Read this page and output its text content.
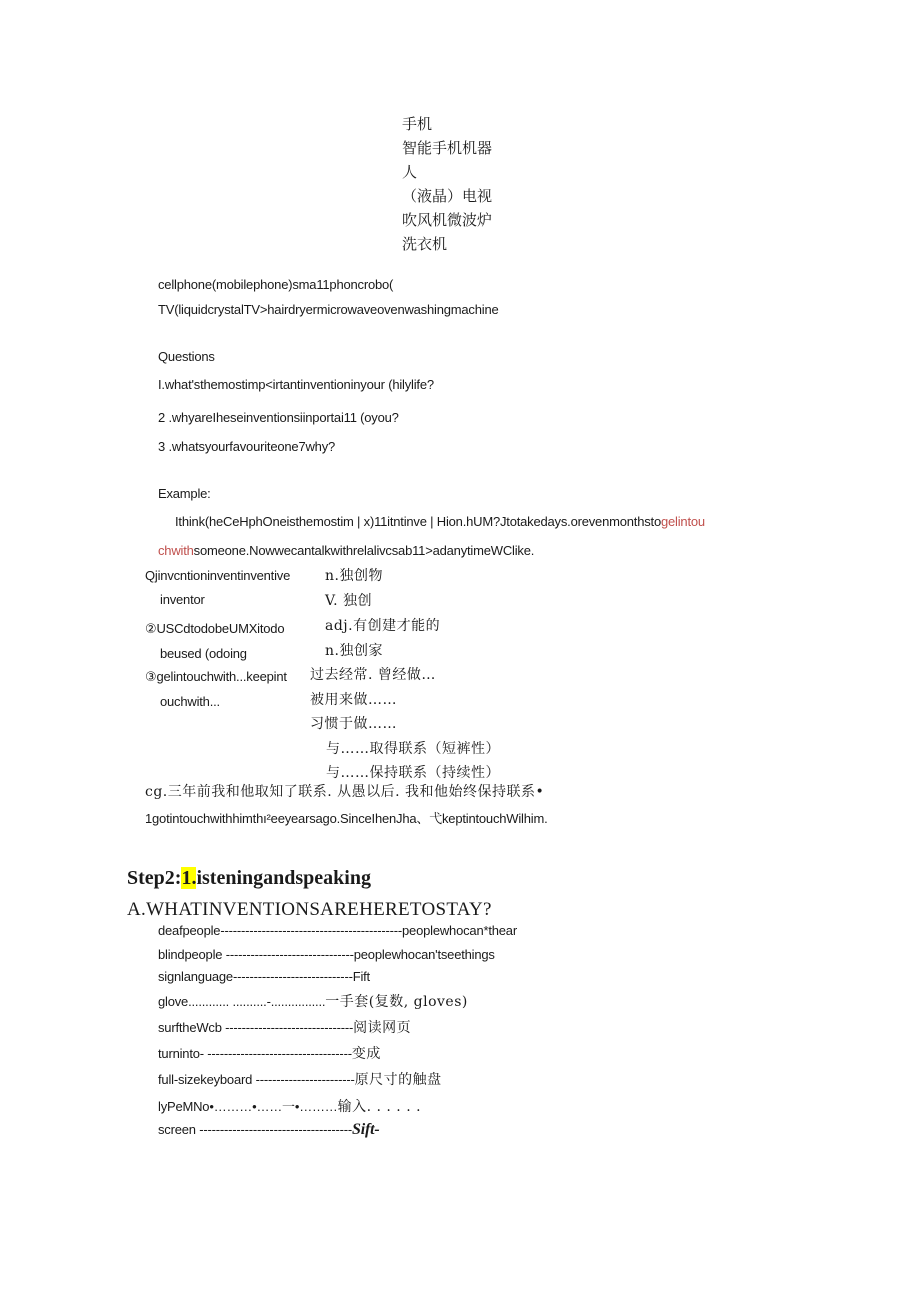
手机
智能手机机器
人
（液晶）电视
吹风机微波炉
洗衣机
cellphone(mobilephone)sma11phoncrobo(
TV(liquidcrystalTV>hairdryermicrowaveovenwashingmachine
Questions
I.what'sthemostimp<irtantinventioninyour (hilylife?
2 .whyareIheseinventionsiinportai11 (oyou?
3 .whatsyourfavouriteone7why?
Example:
Ithink(heCeHphOneisthemostim | x)11itntinve | Hion.hUM?Jtotakedays.orevenmonthstogelintou
chwithsomeone.Nowwecantalkwithrelalivcsab11>adanytimeWClike.
Qjinvcntioninventinventive
inventor
②USCdtodobeUMXitodo
beused (odoing
③gelintouchwith...keepint
ouchwith...
n.独创物
V. 独创
adj.有创建才能的
n.独创家
过去经常. 曾经做…
被用来做……
习惯于做……
与……取得联系（短裤性）
与……保持联系（持续性）
cg.三年前我和他取知了联系. 从愚以后. 我和他始终保持联系•
1gotintouchwithhimthı²eeyearsago.SinceIhenJha、弋keptintouchWilhim.
Step2:1.isteningandspeaking
A.WHATINVENTIONSAREHERETOSTAY?
deafpeople--------------------------------------------peoplewhocan*thear
blindpeople -------------------------------peoplewhocan'tseethings
signlanguage-----------------------------Fift
glove............ ..........-................一手套(复数, gloves)
surftheWcb -------------------------------阅读网页
turninto- -----------------------------------变成
full-sizekeyboard ------------------------原尺寸的触盘
lyPeMNo•………•……一•………输入. . . . . .
screen -------------------------------------Sift-
